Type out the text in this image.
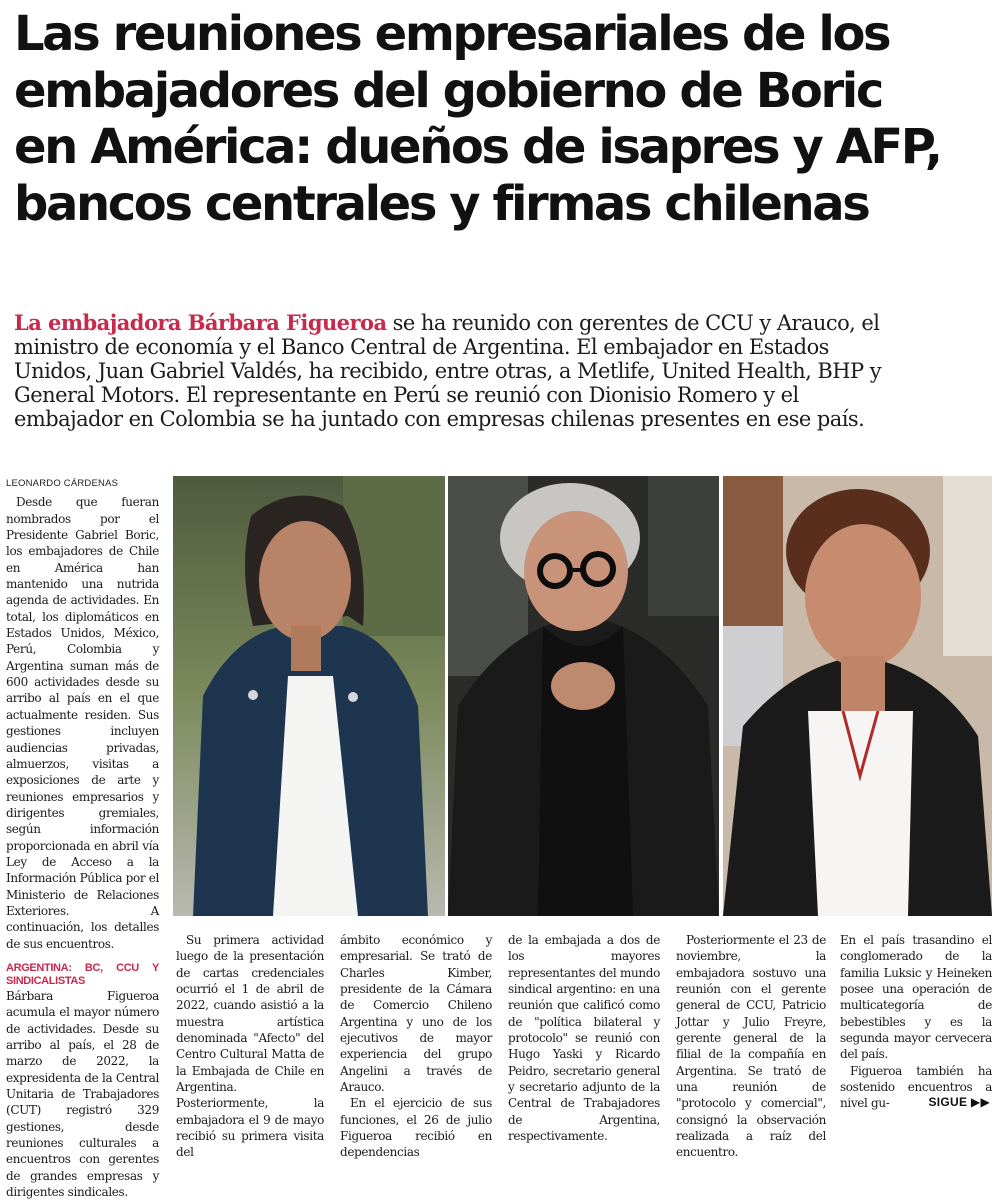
Las reuniones empresariales de los embajadores del gobierno de Boric en América: dueños de isapres y AFP, bancos centrales y firmas chilenas

La embajadora Bárbara Figueroa se ha reunido con gerentes de CCU y Arauco, el ministro de economía y el Banco Central de Argentina. El embajador en Estados Unidos, Juan Gabriel Valdés, ha recibido, entre otras, a Metlife, United Health, BHP y General Motors. El representante en Perú se reunió con Dionisio Romero y el embajador en Colombia se ha juntado con empresas chilenas presentes en ese país.

LEONARDO CÁRDENAS

Desde que fueran nombrados por el Presidente Gabriel Boric, los embajadores de Chile en América han mantenido una nutrida agenda de actividades. En total, los diplomáticos en Estados Unidos, México, Perú, Colombia y Argentina suman más de 600 actividades desde su arribo al país en el que actualmente residen. Sus gestiones incluyen audiencias privadas, almuerzos, visitas a exposiciones de arte y reuniones empresarios y dirigentes gremiales, según información proporcionada en abril vía Ley de Acceso a la Información Pública por el Ministerio de Relaciones Exteriores. A continuación, los detalles de sus encuentros.

ARGENTINA: BC, CCU Y SINDICALISTAS

Bárbara Figueroa acumula el mayor número de actividades. Desde su arribo al país, el 28 de marzo de 2022, la expresidenta de la Central Unitaria de Trabajadores (CUT) registró 329 gestiones, desde reuniones culturales a encuentros con gerentes de grandes empresas y dirigentes sindicales.

Su primera actividad luego de la presentación de cartas credenciales ocurrió el 1 de abril de 2022, cuando asistió a la muestra artística denominada "Afecto" del Centro Cultural Matta de la Embajada de Chile en Argentina. Posteriormente, la embajadora el 9 de mayo recibió su primera visita del

ámbito económico y empresarial. Se trató de Charles Kimber, presidente de la Cámara de Comercio Chileno Argentina y uno de los ejecutivos de mayor experiencia del grupo Angelini a través de Arauco.

En el ejercicio de sus funciones, el 26 de julio Figueroa recibió en dependencias

de la embajada a dos de los mayores representantes del mundo sindical argentino: en una reunión que calificó como de "política bilateral y protocolo" se reunió con Hugo Yaski y Ricardo Peidro, secretario general y secretario adjunto de la Central de Trabajadores de Argentina, respectivamente.

Posteriormente el 23 de noviembre, la embajadora sostuvo una reunión con el gerente general de CCU, Patricio Jottar y Julio Freyre, gerente general de la filial de la compañía en Argentina. Se trató de una reunión de "protocolo y comercial", consignó la observación realizada a raíz del encuentro.

En el país trasandino el conglomerado de la familia Luksic y Heineken posee una operación de multicategoría de bebestibles y es la segunda mayor cervecera del país.

Figueroa también ha sostenido encuentros a nivel gu-	SIGUE ▶▶
